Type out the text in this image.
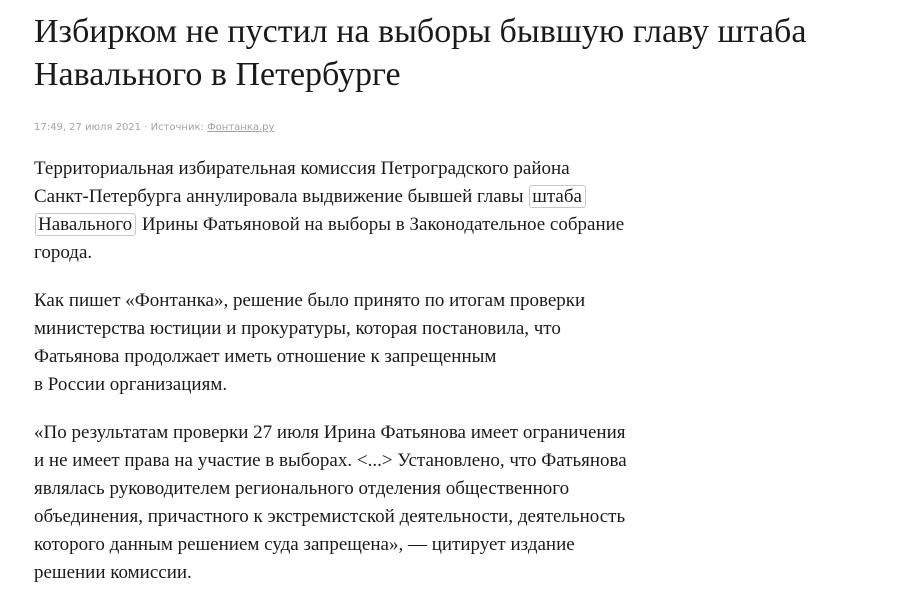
Избирком не пустил на выборы бывшую главу штаба Навального в Петербурге
17:49, 27 июля 2021 · Источник: Фонтанка.ру

Территориальная избирательная комиссия Петроградского района
Санкт-Петербурга аннулировала выдвижение бывшей главы штаба
Навального Ирины Фатьяновой на выборы в Законодательное собрание
города.

Как пишет «Фонтанка», решение было принято по итогам проверки
министерства юстиции и прокуратуры, которая постановила, что
Фатьянова продолжает иметь отношение к запрещенным
в России организациям.

«По результатам проверки 27 июля Ирина Фатьянова имеет ограничения
и не имеет права на участие в выборах. <...> Установлено, что Фатьянова
являлась руководителем регионального отделения общественного
объединения, причастного к экстремистской деятельности, деятельность
которого данным решением суда запрещена», — цитирует издание
решении комиссии.
